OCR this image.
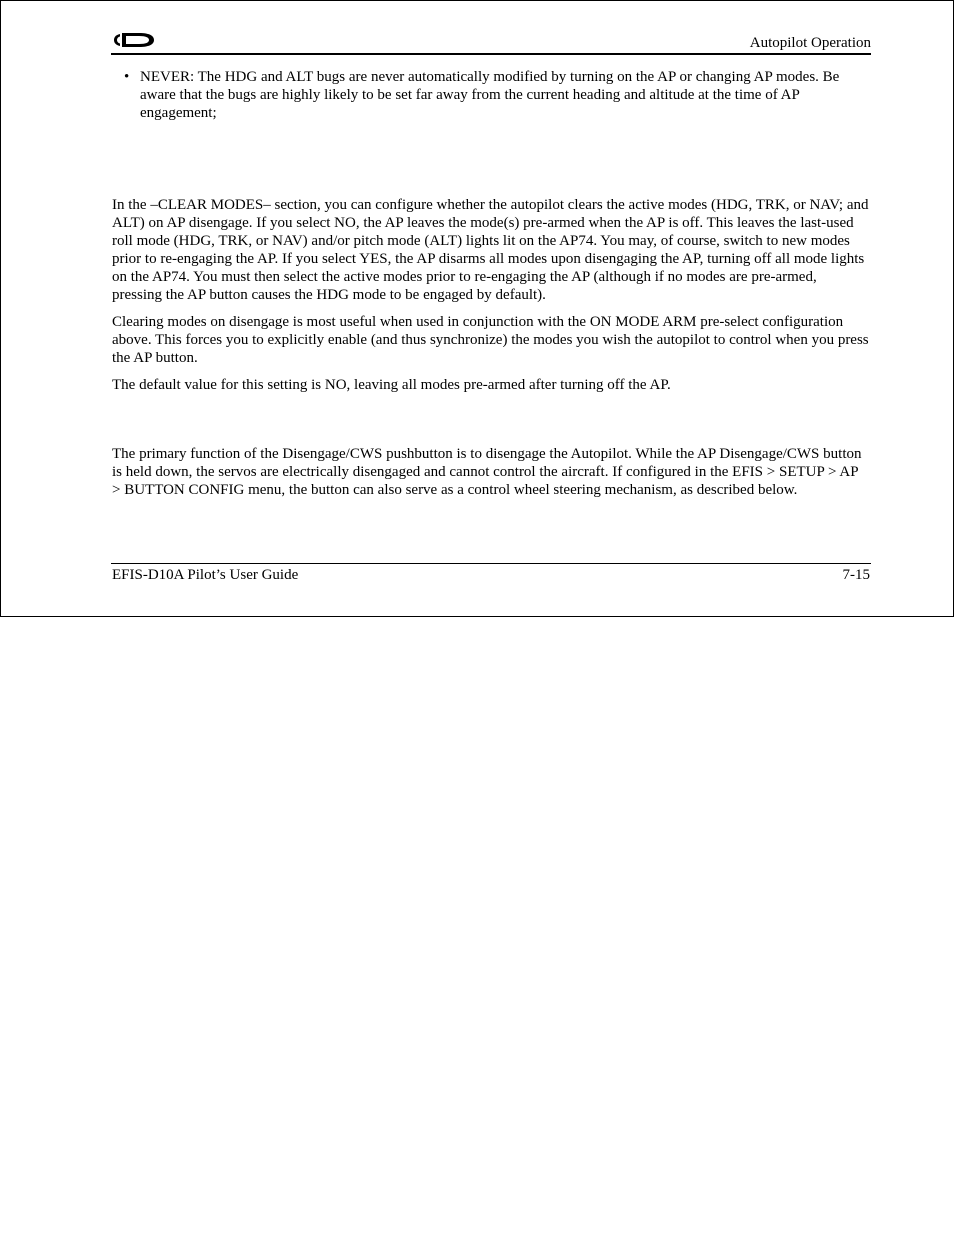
Autopilot Operation
• NEVER: The HDG and ALT bugs are never automatically modified by turning on the AP or changing AP modes. Be aware that the bugs are highly likely to be set far away from the current heading and altitude at the time of AP engagement;

In the –CLEAR MODES– section, you can configure whether the autopilot clears the active modes (HDG, TRK, or NAV; and ALT) on AP disengage. If you select NO, the AP leaves the mode(s) pre-armed when the AP is off. This leaves the last-used roll mode (HDG, TRK, or NAV) and/or pitch mode (ALT) lights lit on the AP74. You may, of course, switch to new modes prior to re-engaging the AP. If you select YES, the AP disarms all modes upon disengaging the AP, turning off all mode lights on the AP74. You must then select the active modes prior to re-engaging the AP (although if no modes are pre-armed, pressing the AP button causes the HDG mode to be engaged by default).

Clearing modes on disengage is most useful when used in conjunction with the ON MODE ARM pre-select configuration above. This forces you to explicitly enable (and thus synchronize) the modes you wish the autopilot to control when you press the AP button.

The default value for this setting is NO, leaving all modes pre-armed after turning off the AP.

The primary function of the Disengage/CWS pushbutton is to disengage the Autopilot. While the AP Disengage/CWS button is held down, the servos are electrically disengaged and cannot control the aircraft. If configured in the EFIS > SETUP > AP > BUTTON CONFIG menu, the button can also serve as a control wheel steering mechanism, as described below.

EFIS-D10A Pilot’s User Guide	7-15
